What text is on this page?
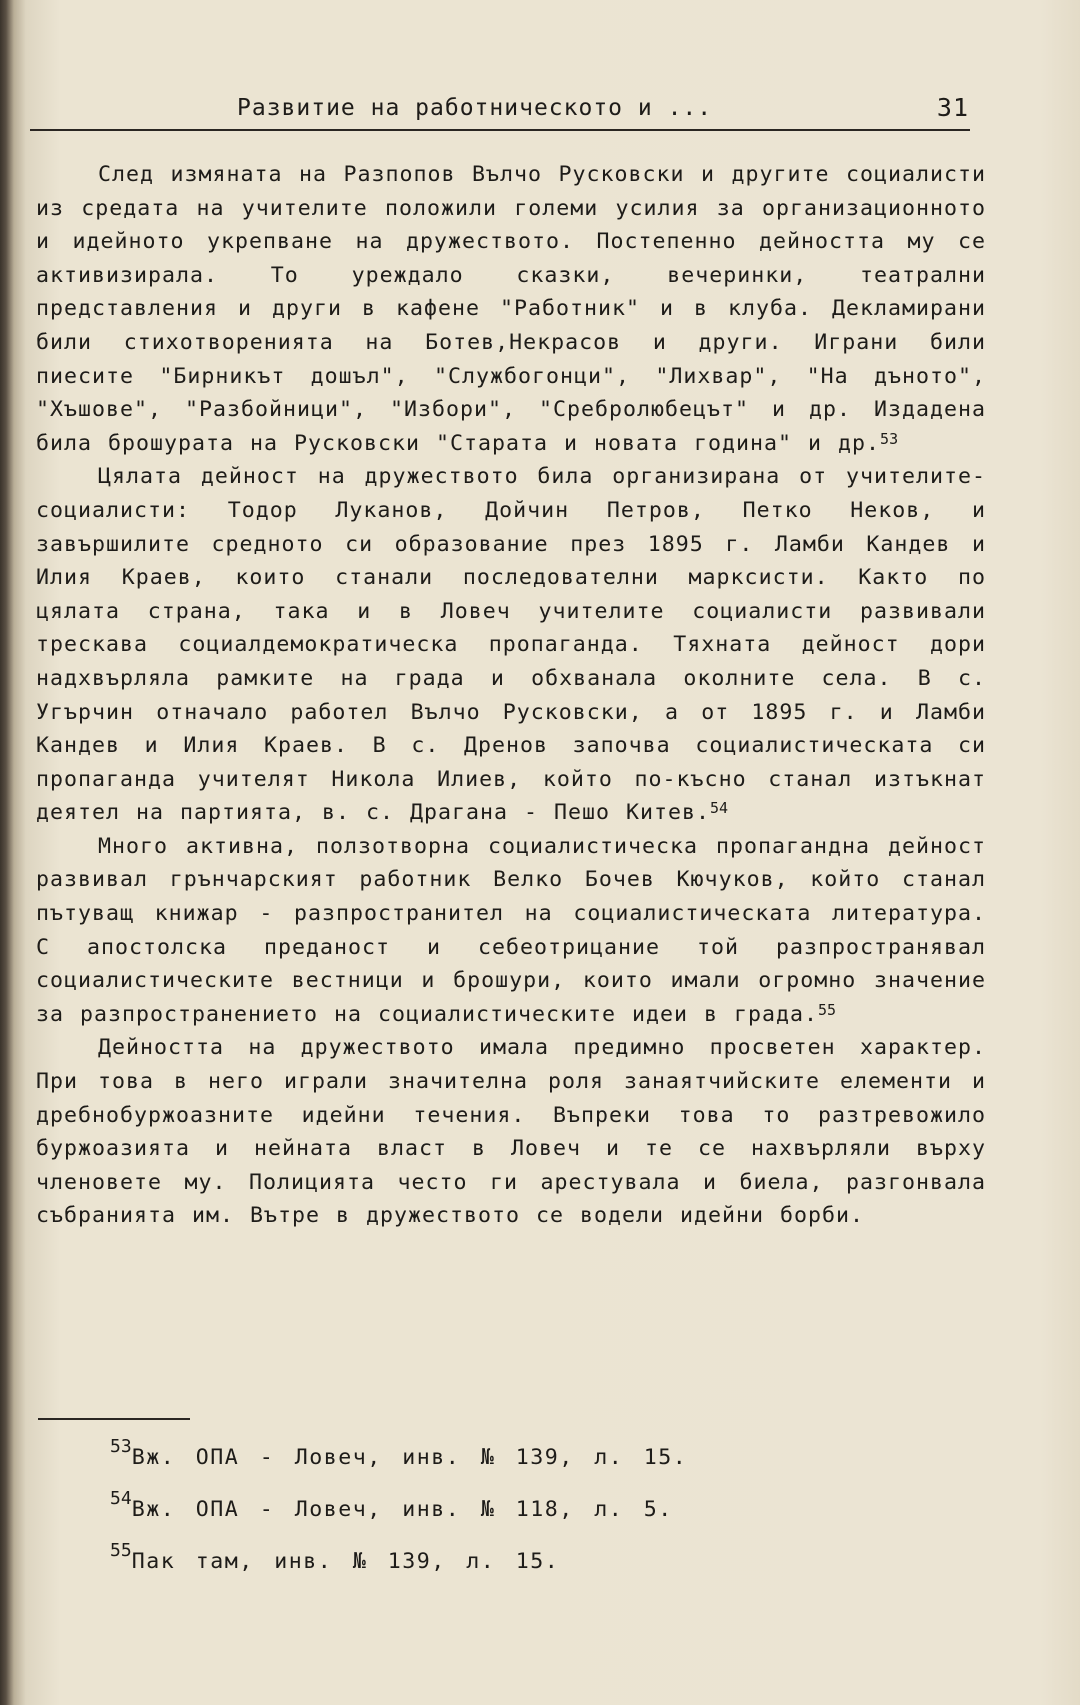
Развитие на работническото и ...	31

След измяната на Разпопов Вълчо Русковски и другите социалисти из средата на учителите положили големи усилия за организационното и идейното укрепване на дружеството. Постепенно дейността му се активизирала. То уреждало сказки, вечеринки, театрални представления и други в кафене "Работник" и в клуба. Декламирани били стихотворенията на Ботев,Некрасов и други. Играни били пиесите "Бирникът дошъл", "Службогонци", "Лихвар", "На дъното", "Хъшове", "Разбойници", "Избори", "Сребролюбецът" и др. Издадена била брошурата на Русковски "Старата и новата година" и др.$^{53}$

Цялата дейност на дружеството била организирана от учителите-социалисти: Тодор Луканов, Дойчин Петров, Петко Неков, и завършилите средното си образование през 1895 г. Ламби Кандев и Илия Краев, които станали последователни марксисти. Както по цялата страна, така и в Ловеч учителите социалисти развивали трескава социалдемократическа пропаганда. Тяхната дейност дори надхвърляла рамките на града и обхванала околните села. В с. Угърчин отначало работел Вълчо Русковски, а от 1895 г. и Ламби Кандев и Илия Краев. В с. Дренов започва социалистическата си пропаганда учителят Никола Илиев, който по-късно станал изтъкнат деятел на партията, в. с. Драгана - Пешо Китев.$^{54}$

Много активна, ползотворна социалистическа пропагандна дейност развивал грънчарският работник Велко Бочев Кючуков, който станал пътуващ книжар - разпространител на социалистическата литература. С апостолска преданост и себеотрицание той разпространявал социалистическите вестници и брошури, които имали огромно значение за разпространението на социалистическите идеи в града.$^{55}$

Дейността на дружеството имала предимно просветен характер. При това в него играли значителна роля занаятчийските елементи и дребнобуржоазните идейни течения. Въпреки това то разтревожило буржоазията и нейната власт в Ловеч и те се нахвърляли върху членовете му. Полицията често ги арестувала и биела, разгонвала събранията им. Вътре в дружеството се водели идейни борби.

$^{53}$Вж. ОПА - Ловеч, инв. № 139, л. 15.
$^{54}$Вж. ОПА - Ловеч, инв. № 118, л. 5.
$^{55}$Пак там, инв. № 139, л. 15.
